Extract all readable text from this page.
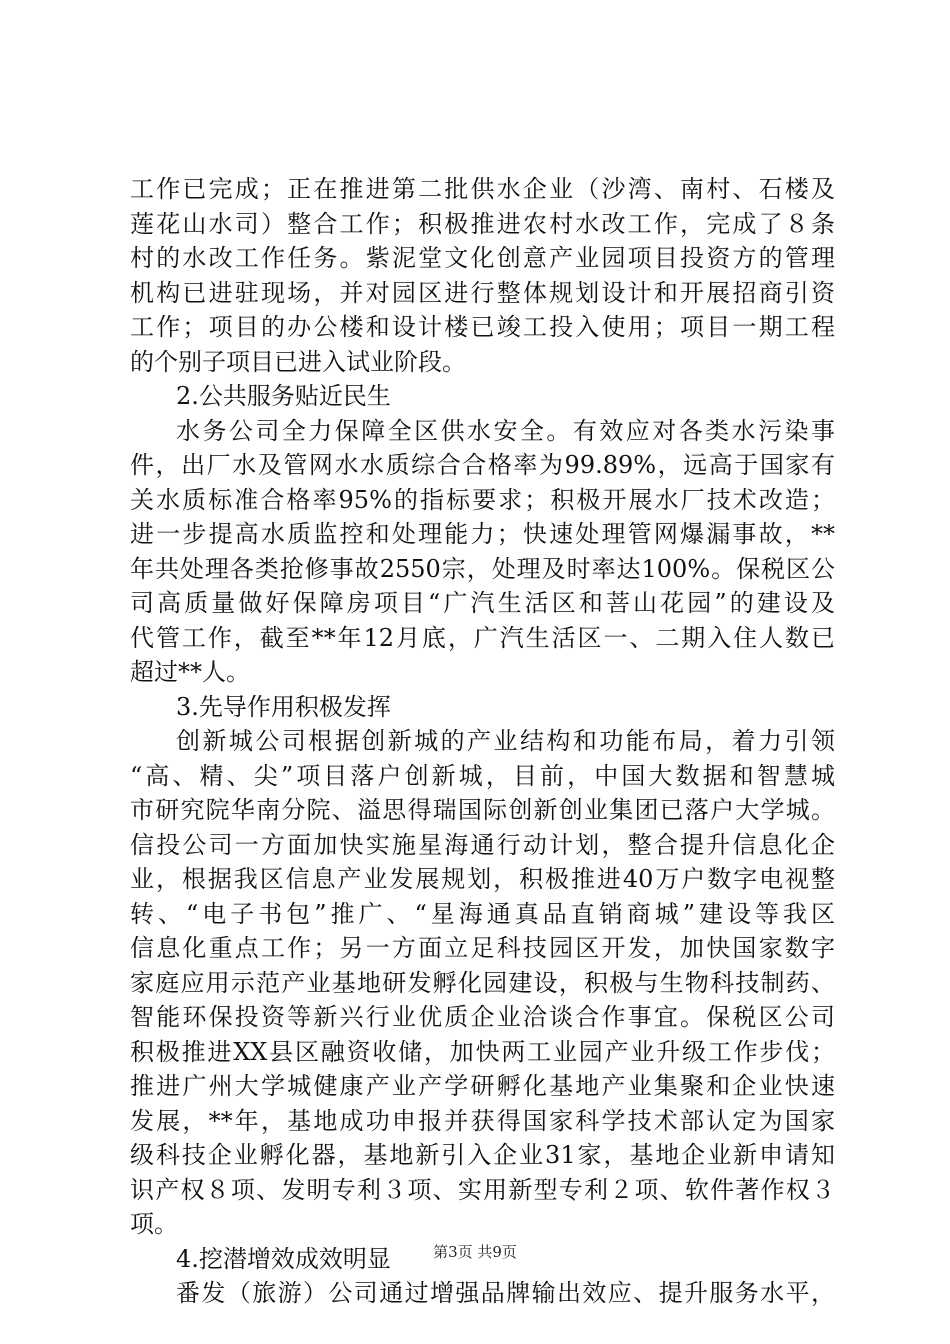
工作已完成；正在推进第二批供水企业（沙湾、南村、石楼及
莲花山水司）整合工作；积极推进农村水改工作，完成了８条
村的水改工作任务。紫泥堂文化创意产业园项目投资方的管理
机构已进驻现场，并对园区进行整体规划设计和开展招商引资
工作；项目的办公楼和设计楼已竣工投入使用；项目一期工程
的个别子项目已进入试业阶段。
2.公共服务贴近民生
水务公司全力保障全区供水安全。有效应对各类水污染事
件，出厂水及管网水水质综合合格率为99.89%，远高于国家有
关水质标准合格率95%的指标要求；积极开展水厂技术改造；
进一步提高水质监控和处理能力；快速处理管网爆漏事故，**
年共处理各类抢修事故2550宗，处理及时率达100%。保税区公
司高质量做好保障房项目“广汽生活区和菩山花园”的建设及
代管工作，截至**年12月底，广汽生活区一、二期入住人数已
超过**人。
3.先导作用积极发挥
创新城公司根据创新城的产业结构和功能布局，着力引领
“高、精、尖”项目落户创新城，目前，中国大数据和智慧城
市研究院华南分院、溢思得瑞国际创新创业集团已落户大学城。
信投公司一方面加快实施星海通行动计划，整合提升信息化企
业，根据我区信息产业发展规划，积极推进40万户数字电视整
转、“电子书包”推广、“星海通真品直销商城”建设等我区
信息化重点工作；另一方面立足科技园区开发，加快国家数字
家庭应用示范产业基地研发孵化园建设，积极与生物科技制药、
智能环保投资等新兴行业优质企业洽谈合作事宜。保税区公司
积极推进XX县区融资收储，加快两工业园产业升级工作步伐；
推进广州大学城健康产业产学研孵化基地产业集聚和企业快速
发展，**年，基地成功申报并获得国家科学技术部认定为国家
级科技企业孵化器，基地新引入企业31家，基地企业新申请知
识产权８项、发明专利３项、实用新型专利２项、软件著作权３
项。
4.挖潜增效成效明显
番发（旅游）公司通过增强品牌输出效应、提升服务水平，
第3页 共9页
